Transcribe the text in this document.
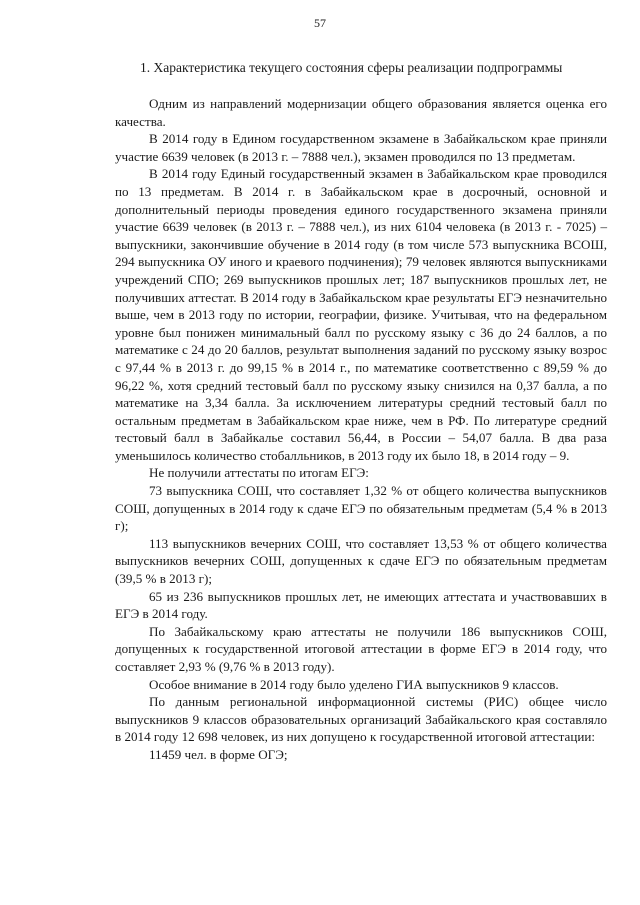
57
1. Характеристика текущего состояния сферы реализации подпрограммы

Одним из направлений модернизации общего образования является оценка его качества.

В 2014 году в Едином государственном экзамене в Забайкальском крае приняли участие 6639 человек (в 2013 г. – 7888 чел.), экзамен проводился по 13 предметам.

В 2014 году Единый государственный экзамен в Забайкальском крае проводился по 13 предметам. В 2014 г. в Забайкальском крае в досрочный, основной и дополнительный периоды проведения единого государственного экзамена приняли участие 6639 человек (в 2013 г. – 7888 чел.), из них 6104 человека (в 2013 г. - 7025) – выпускники, закончившие обучение в 2014 году (в том числе 573 выпускника ВСОШ, 294 выпускника ОУ иного и краевого подчинения); 79 человек являются выпускниками учреждений СПО; 269 выпускников прошлых лет; 187 выпускников прошлых лет, не получивших аттестат. В 2014 году в Забайкальском крае результаты ЕГЭ незначительно выше, чем в 2013 году по истории, географии, физике. Учитывая, что на федеральном уровне был понижен минимальный балл по русскому языку с 36 до 24 баллов, а по математике с 24 до 20 баллов, результат выполнения заданий по русскому языку возрос с 97,44 % в 2013 г. до 99,15 % в 2014 г., по математике соответственно с 89,59 % до 96,22 %, хотя средний тестовый балл по русскому языку снизился на 0,37 балла, а по математике на 3,34 балла. За исключением литературы средний тестовый балл по остальным предметам в Забайкальском крае ниже, чем в РФ. По литературе средний тестовый балл в Забайкалье составил 56,44, в России – 54,07 балла. В два раза уменьшилось количество стобалльников, в 2013 году их было 18, в 2014 году – 9.

Не получили аттестаты по итогам ЕГЭ:

73 выпускника СОШ, что составляет 1,32 % от общего количества выпускников СОШ, допущенных в 2014 году к сдаче ЕГЭ по обязательным предметам (5,4 % в 2013 г);

113 выпускников вечерних СОШ, что составляет 13,53 % от общего количества выпускников вечерних СОШ, допущенных к сдаче ЕГЭ по обязательным предметам (39,5 % в 2013 г);

65 из 236 выпускников прошлых лет, не имеющих аттестата и участвовавших в ЕГЭ в 2014 году.

По Забайкальскому краю аттестаты не получили 186 выпускников СОШ, допущенных к государственной итоговой аттестации в форме ЕГЭ в 2014 году, что составляет 2,93 % (9,76 % в 2013 году).

Особое внимание в 2014 году было уделено ГИА выпускников 9 классов.

По данным региональной информационной системы (РИС) общее число выпускников 9 классов образовательных организаций Забайкальского края составляло в 2014 году 12 698 человек, из них допущено к государственной итоговой аттестации:

11459 чел. в форме ОГЭ;
